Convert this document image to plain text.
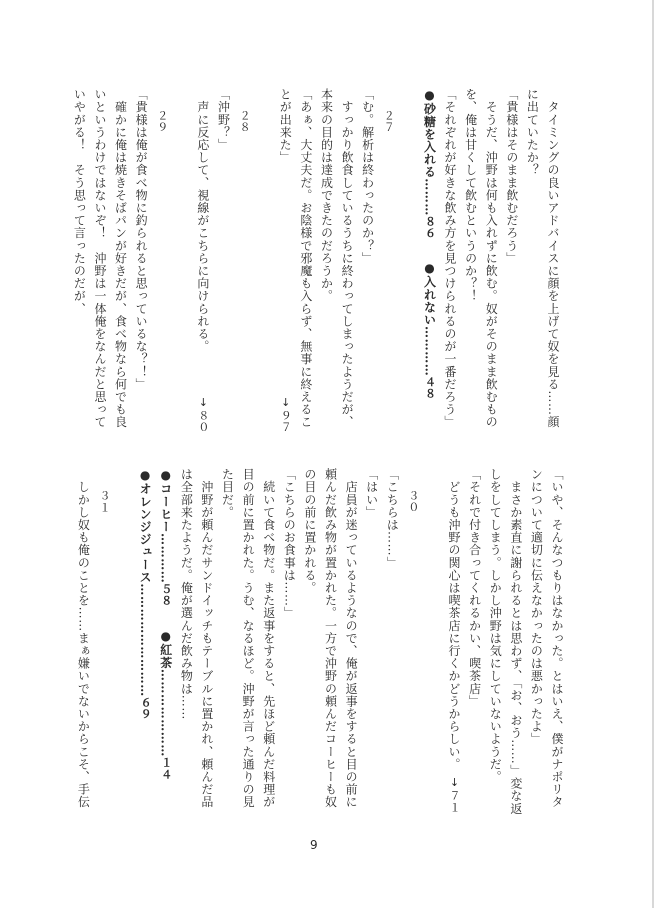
　タイミングの良いアドバイスに顔を上げて奴を見る……顔
に出ていたか？
「貴様はそのまま飲むだろう」
　そうだ、沖野は何も入れずに飲む。奴がそのまま飲むもの
を、俺は甘くして飲むというのか？！
「それぞれが好きな飲み方を見つけられるのが一番だろう」
●砂糖を入れる………８６
●入れない…………４８
２７
「む。解析は終わったのか？」
　すっかり飲食しているうちに終わってしまったようだが、
本来の目的は達成できたのだろうか。
「あぁ、大丈夫だ。お陰様で邪魔も入らず、無事に終えるこ
とが出来た」
↓
９７
２８
「沖野？」
　声に反応して、視線がこちらに向けられる。
↓
８０
２９
「貴様は俺が食べ物に釣られると思っているな？！」
　確かに俺は焼きそばパンが好きだが、食べ物なら何でも良
いというわけではないぞ！　沖野は一体俺をなんだと思って
いやがる！　そう思って言ったのだが、
「いや、そんなつもりはなかった。とはいえ、僕がナポリタ
ンについて適切に伝えなかったのは悪かったよ」
　まさか素直に謝られるとは思わず、「お、おう……」変な返
しをしてしまう。しかし沖野は気にしていないようだ。
「それで付き合ってくれるかい、喫茶店」
　どうも沖野の関心は喫茶店に行くかどうからしい。
↓
７１
３０
「こちらは……」
「はい」
　店員が迷っているようなので、俺が返事をすると目の前に
頼んだ飲み物が置かれた。一方で沖野の頼んだコーヒーも奴
の目の前に置かれる。
「こちらのお食事は……」
　続いて食べ物だ。また返事をすると、先ほど頼んだ料理が
目の前に置かれた。うむ、なるほど。沖野が言った通りの見
た目だ。
　沖野が頼んだサンドイッチもテーブルに置かれ、頼んだ品
は全部来たようだ。俺が選んだ飲み物は……
●コーヒー…………５８
●紅茶…………………１４
●オレンジジュース………………………６９
３１
　しかし奴も俺のことを……まぁ嫌いでないからこそ、手伝
9
